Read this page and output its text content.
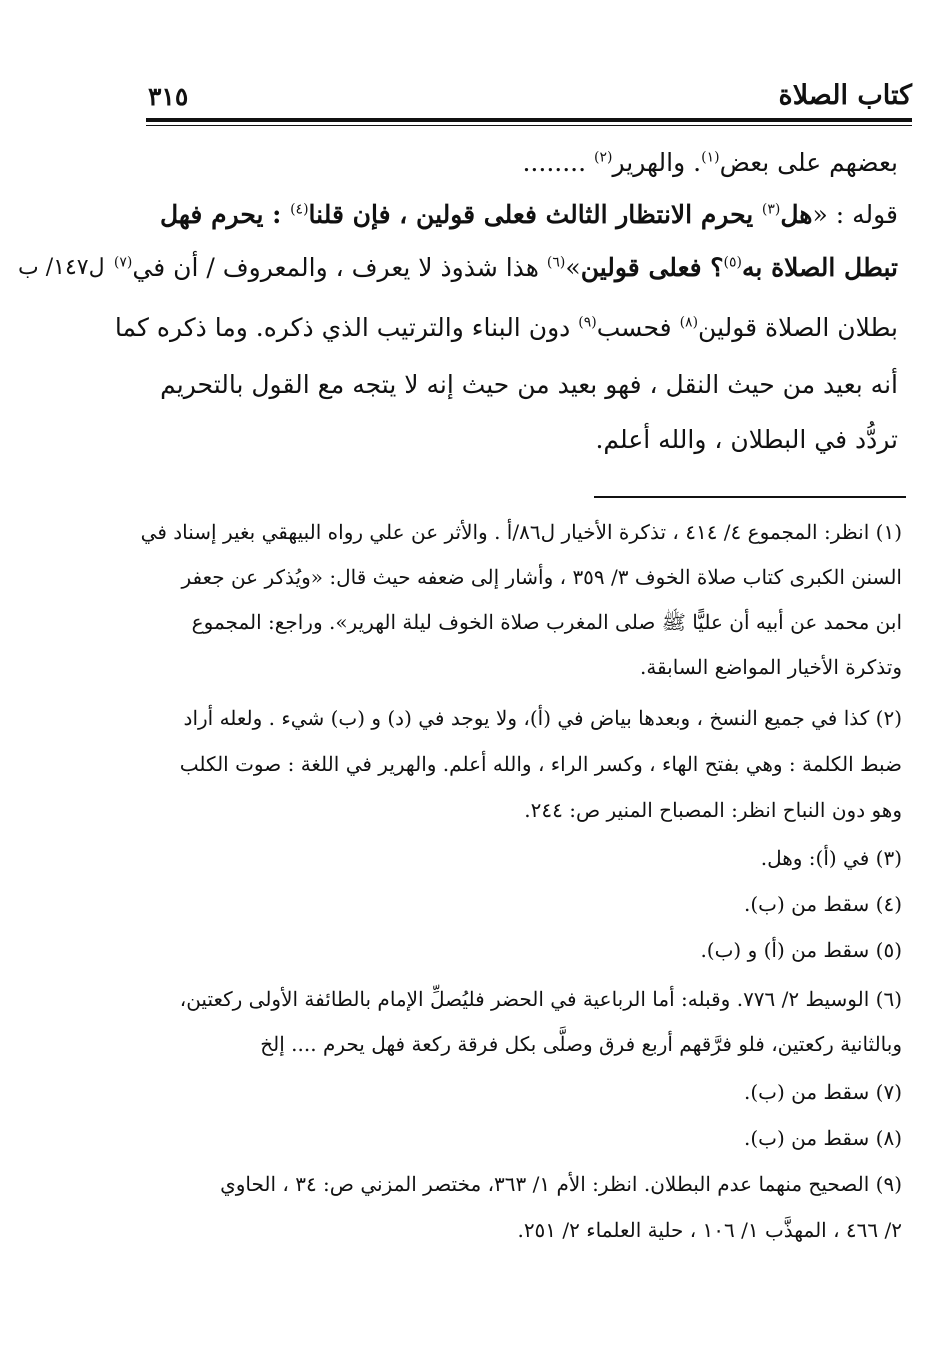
كتاب الصلاة
٣١٥
بعضهم على بعض$^{(١)}$. والهرير$^{(٢)}$ ........
قوله : «هل$^{(٣)}$ يحرم الانتظار الثالث فعلى قولين ، فإن قلنا$^{(٤)}$ : يحرم فهل
تبطل الصلاة به$^{(٥)}$؟ فعلى قولين»$^{(٦)}$ هذا شذوذ لا يعرف ، والمعروف / أن في$^{(٧)}$
بطلان الصلاة قولين$^{(٨)}$ فحسب$^{(٩)}$ دون البناء والترتيب الذي ذكره. وما ذكره كما
أنه بعيد من حيث النقل ، فهو بعيد من حيث إنه لا يتجه مع القول بالتحريم
تردُّد في البطلان ، والله أعلم.
ل١٤٧/ ب
(١) انظر: المجموع ٤/ ٤١٤ ، تذكرة الأخيار ل٨٦/أ . والأثر عن علي رواه البيهقي بغير إسناد في
السنن الكبرى كتاب صلاة الخوف ٣/ ٣٥٩ ، وأشار إلى ضعفه حيث قال: «ويُذكر عن جعفر
ابن محمد عن أبيه أن عليًّا ﷺ صلى المغرب صلاة الخوف ليلة الهرير». وراجع: المجموع
وتذكرة الأخيار المواضع السابقة.
(٢) كذا في جميع النسخ ، وبعدها بياض في (أ)، ولا يوجد في (د) و (ب) شيء . ولعله أراد
ضبط الكلمة : وهي بفتح الهاء ، وكسر الراء ، والله أعلم. والهرير في اللغة : صوت الكلب
وهو دون النباح انظر: المصباح المنير ص: ٢٤٤.
(٣) في (أ): وهل.
(٤) سقط من (ب).
(٥) سقط من (أ) و (ب).
(٦) الوسيط ٢/ ٧٧٦. وقبله: أما الرباعية في الحضر فليُصلِّ الإمام بالطائفة الأولى ركعتين،
وبالثانية ركعتين، فلو فرَّقهم أربع فرق وصلَّى بكل فرقة ركعة فهل يحرم .... إلخ
(٧) سقط من (ب).
(٨) سقط من (ب).
(٩) الصحيح منهما عدم البطلان. انظر: الأم ١/ ٣٦٣، مختصر المزني ص: ٣٤ ، الحاوي
٢/ ٤٦٦ ، المهذَّب ١/ ١٠٦ ، حلية العلماء ٢/ ٢٥١.
